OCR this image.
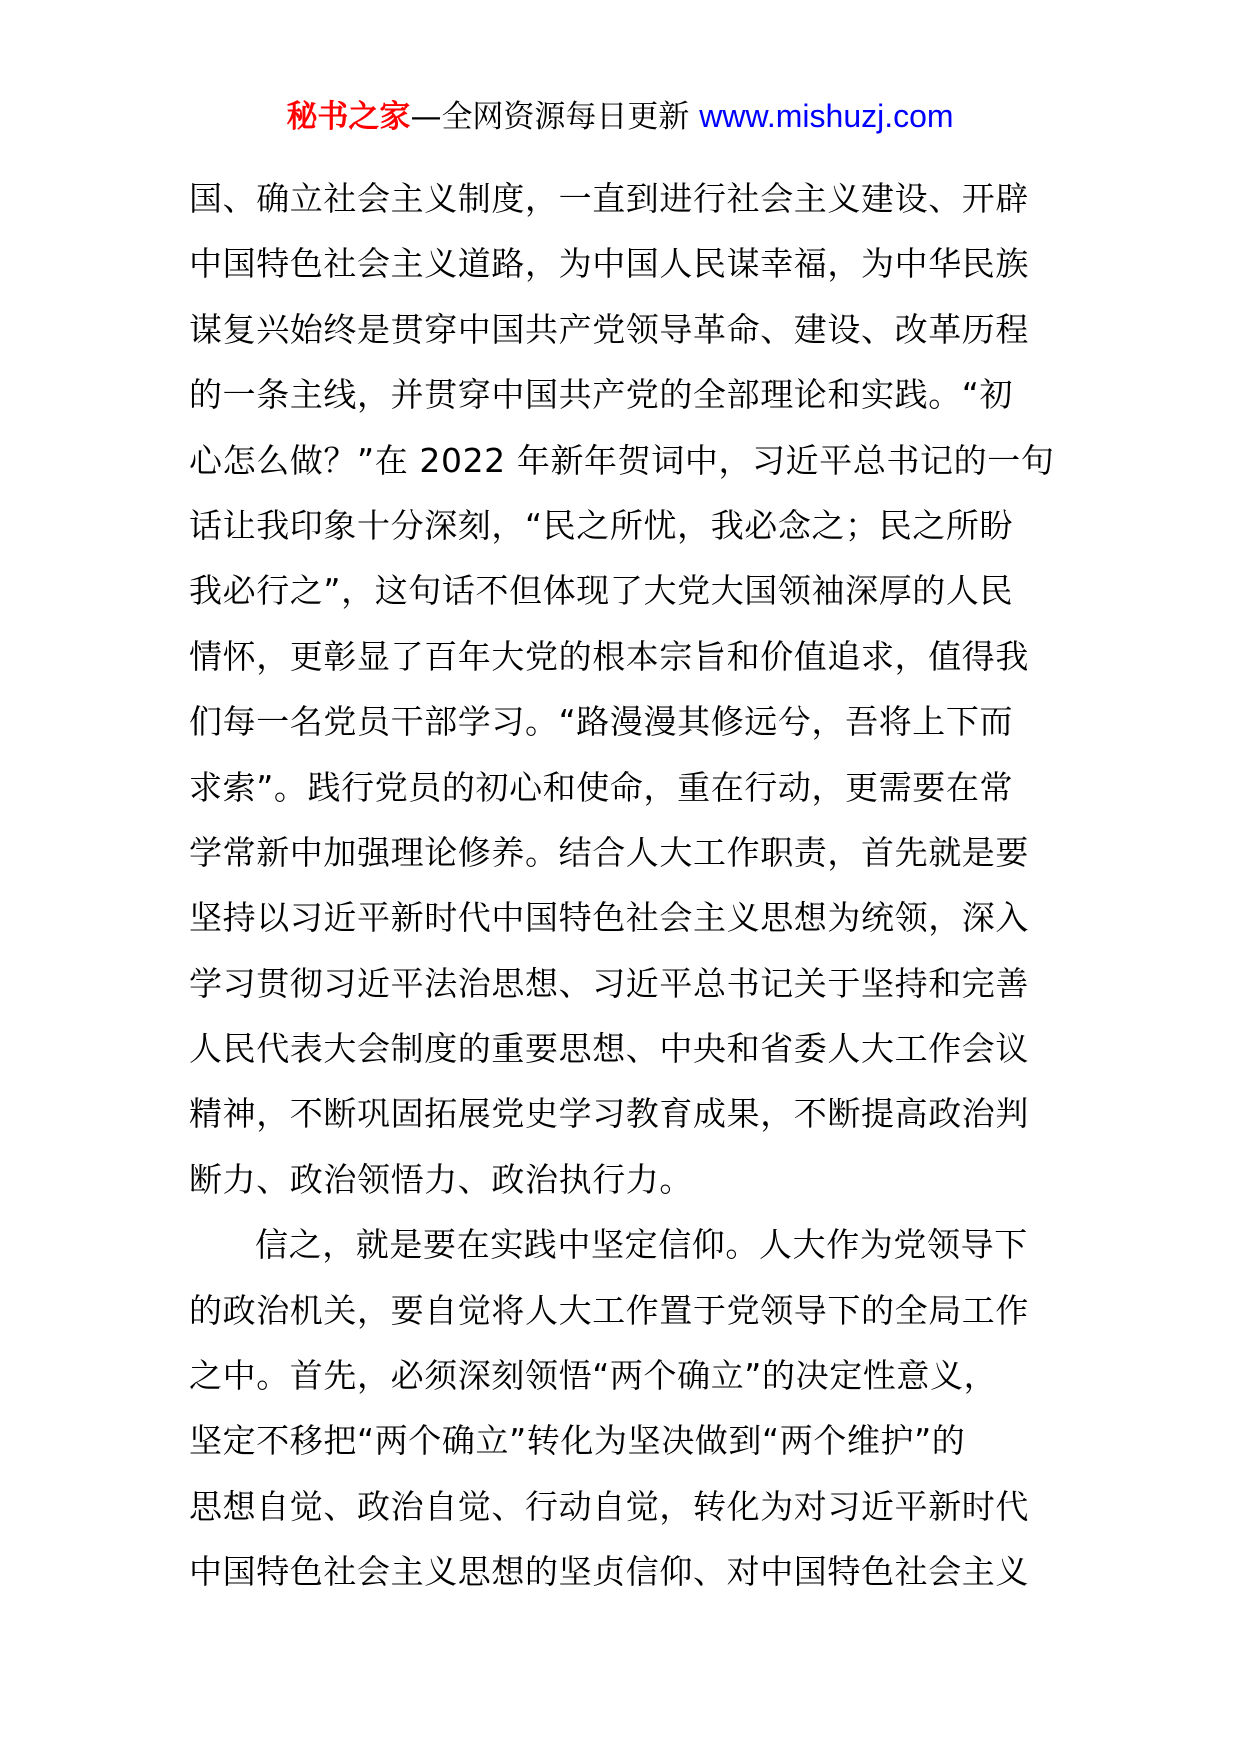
秘书之家—全网资源每日更新 www.mishuzj.com
国、确立社会主义制度，一直到进行社会主义建设、开辟
中国特色社会主义道路，为中国人民谋幸福，为中华民族
谋复兴始终是贯穿中国共产党领导革命、建设、改革历程
的一条主线，并贯穿中国共产党的全部理论和实践。“初
心怎么做？”在 2022 年新年贺词中，习近平总书记的一句
话让我印象十分深刻，“民之所忧，我必念之；民之所盼
我必行之”，这句话不但体现了大党大国领袖深厚的人民
情怀，更彰显了百年大党的根本宗旨和价值追求，值得我
们每一名党员干部学习。“路漫漫其修远兮，吾将上下而
求索”。践行党员的初心和使命，重在行动，更需要在常
学常新中加强理论修养。结合人大工作职责，首先就是要
坚持以习近平新时代中国特色社会主义思想为统领，深入
学习贯彻习近平法治思想、习近平总书记关于坚持和完善
人民代表大会制度的重要思想、中央和省委人大工作会议
精神，不断巩固拓展党史学习教育成果，不断提高政治判
断力、政治领悟力、政治执行力。
信之，就是要在实践中坚定信仰。人大作为党领导下
的政治机关，要自觉将人大工作置于党领导下的全局工作
之中。首先，必须深刻领悟“两个确立”的决定性意义，
坚定不移把“两个确立”转化为坚决做到“两个维护”的
思想自觉、政治自觉、行动自觉，转化为对习近平新时代
中国特色社会主义思想的坚贞信仰、对中国特色社会主义
